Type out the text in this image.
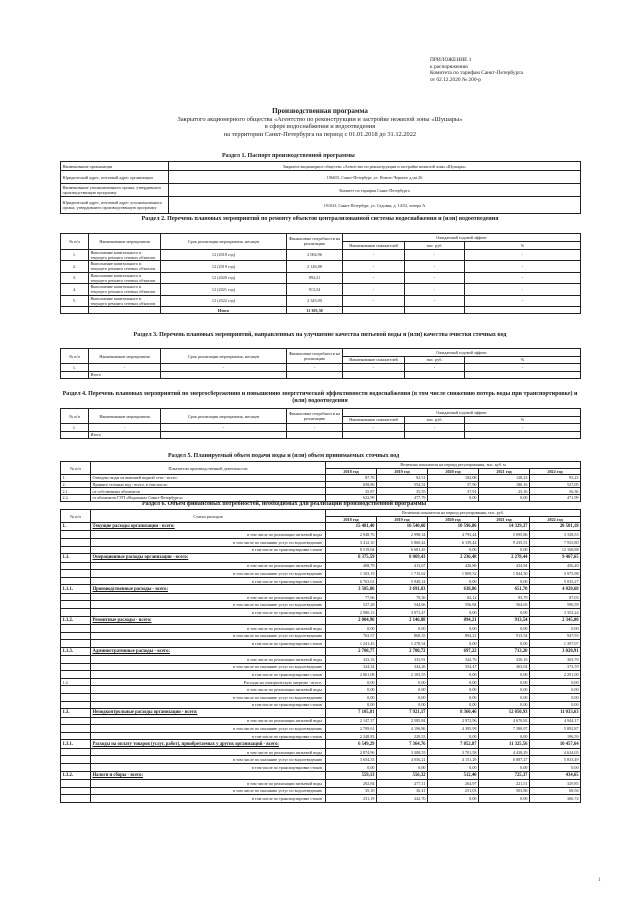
ПРИЛОЖЕНИЕ 1
к распоряжению
Комитета по тарифам Санкт-Петербурга
от 02.12.2020 № 200-р
Производственная программа
Закрытого акционерного общества «Агентство по реконструкции и застройке нежилой зоны «Шушары»
в сфере водоснабжения и водоотведения
на территории Санкт-Петербурга на период с 01.01.2018 до 31.12.2022
Раздел 1. Паспорт производственной программы
Наименование организации	Закрытое акционерное общество «Агентство по реконструкции и застройке нежилой зоны «Шушары»
Юридический адрес, почтовый адрес организации	196655, Санкт-Петербург, ул. Нового Черного д.ом 26
Наименование уполномоченного органа, утвердившего производственную программу	Комитет по тарифам Санкт-Петербурга
Юридический адрес, почтовый адрес уполномоченного органа, утвердившего производственную программу	191023, Санкт-Петербург, ул. Садовая, д. 14/52, литера А
Раздел 2. Перечень плановых мероприятий по ремонту объектов централизованной системы водоснабжения и (или) водоотведения
№ п/п	Наименование мероприятия	Срок реализации мероприятия, месяцев	Финансовые потребности на реализацию	Ожидаемый годовой эффект		
				Наименование показателей	тыс. руб.	%
1.	Выполнение капитального и текущего ремонта сетевых объектов	12 (2018 год)	2 004,96	-	-	-
2.	Выполнение капитального и текущего ремонта сетевых объектов	12 (2019 год)	2 146,88	-	-	-
3.	Выполнение капитального и текущего ремонта сетевых объектов	12 (2020 год)	894,21	-	-	-
4.	Выполнение капитального и текущего ремонта сетевых объектов	12 (2021 год)	913,54	-	-	-
5.	Выполнение капитального и текущего ремонта сетевых объектов	12 (2022 год)	2 345,00	-	-	-
		Итого	11 303,30			
Раздел 3. Перечень плановых мероприятий, направленных на улучшение качества питьевой воды и (или) качества очистки сточных вод
№ п/п	Наименование мероприятия	Срок реализации мероприятия, месяцев	Финансовые потребности на реализацию	Ожидаемый годовой эффект		
				Наименование показателей	тыс. руб.	%
1.	-	-	-	-	-	-
	Итого					
Раздел 4. Перечень плановых мероприятий по энергосбережению и повышению энергетической эффективности водоснабжения (в том числе снижению потерь воды при транспортировке) и (или) водоотведения
№ п/п	Наименование мероприятия	Срок реализации мероприятия, месяцев	Финансовые потребности на реализацию	Ожидаемый годовой эффект		
				Наименование показателей	тыс. руб.	%
1.	-	-	-	-	-	-
	Итого					
Раздел 5. Планируемый объем подачи воды и (или) объем принимаемых сточных вод
№ п/п	Показатели производственной деятельности	Величина показателя на период регулирования, тыс. куб. м				
		2018 год	2019 год	2020 год	2021 год	2022 год
1.	Отведено воды из внешней водной сети - всего:	87,76	92,51	102,08	128,23	95,23
2.	Принято сточных вод - всего, в том числе:	658,86	554,52	57,90	180,16	527,05
2.1.	от собственных абонентов	35,87	35,35	37,91	25,16	56,36
2.2.	от абонентов ГУП «Водоканал Санкт-Петербурга»	622,99	477,79	0,00	0,00	471,99
Раздел 6. Объем финансовых потребностей, необходимых для реализации производственной программы
№ п/п	Статьи расходов	Величина показателя на период регулирования, тыс. руб.				
		2018 год	2019 год	2020 год	2021 год	2022 год
1.	Текущие расходы организации - всего:	15 481,40	16 540,60	10 596,86	14 329,37	20 501,18
	в том числе по реализации питьевой воды	2 948,76	2 998,34	4 793,44	5 095,86	3 338,53
	в том числе по оказанию услуг по водоотведению	3 412,10	5 860,42	6 159,42	9 235,51	7 935,80
	в том числе по транспортировке стоков	8 519,04	6 681,45	0,00	0,00	12 168,88
1.1.	Операционные расходы организации - всего:	8 375,59	8 069,43	2 236,48	2 278,44	9 467,65
	в том числе по реализации питьевой воды	408,79	413,67	426,86	434,94	456,40
	в том числе по оказанию услуг по водоотведению	1 103,19	1 715,62	1 809,52	1 844,50	3 975,98
	в том числе по транспортировке стоков	6 763,61	5 940,14	0,00	0,00	5 035,27
1.1.1.	Производственные расходы - всего:	3 585,86	3 691,83	638,86	651,70	4 020,68
	в том числе по реализации питьевой воды	77,66	79,36	82,12	83,79	87,03
	в том числе по оказанию услуг по водоотведению	527,28	544,66	556,84	564,65	596,59
	в том числе по транспортировке стоков	2 980,13	3 071,47	0,00	0,00	3 352,24
1.1.2.	Ремонтные расходы - всего:	2 004,96	2 146,88	894,21	913,54	2 345,00
	в том числе по реализации питьевой воды	0,00	0,00	0,00	0,00	0,00
	в том числе по оказанию услуг по водоотведению	763,57	868,35	894,21	913,54	947,93
	в том числе по транспортировке стоков	1 241,43	1 278,54	0,00	0,00	1 397,07
1.1.3.	Административные расходы - всего:	2 708,77	2 780,72	697,22	713,20	3 020,91
	в том числе по реализации питьевой воды	323,33	333,91	342,76	350,16	363,70
	в том числе по оказанию услуг по водоотведению	324,34	344,26	354,47	363,04	373,70
	в том числе по транспортировке стоков	2 061,08	2 103,55	0,00	0,00	2 291,00
1.2.	Расходы на электрическую энергию - всего:	0,00	0,00	0,00	0,00	0,00
	в том числе по реализации питьевой воды	0,00	0,00	0,00	0,00	0,00
	в том числе по оказанию услуг по водоотведению	0,00	0,00	0,00	0,00	0,00
	в том числе по транспортировке стоков	0,00	0,00	0,00	0,00	0,00
1.3.	Неподконтрольные расходы организации - всего:	7 105,81	7 921,17	8 360,46	12 050,93	11 033,63
	в том числе по реализации питьевой воды	2 147,37	2 585,84	2 972,96	4 670,82	4 944,17
	в том числе по оказанию услуг по водоотведению	2 709,61	4 196,86	4 395,99	7 380,07	5 892,87
	в том числе по транспортировке стоков	2 248,83	229,53	0,00	0,00	196,59
1.3.1.	Расходы на оплату товаров (услуг, работ), приобретаемых у других организаций - всего:	6 549,29	7 364,76	7 852,87	11 325,56	10 457,64
	в том числе по реализации питьевой воды	2 874,96	3 308,55	3 701,58	4 438,29	4 624,05
	в том числе по оказанию услуг по водоотведению	3 654,33	4 056,21	4 151,29	6 887,27	5 833,49
	в том числе по транспортировке стоков	0,00	0,00	0,00	0,00	0,00
1.3.2.	Налоги и сборы - всего:	559,13	556,32	512,40	725,37	434,65
	в том числе по реализации питьевой воды	292,84	277,11	264,97	221,51	329,85
	в том числе по оказанию услуг по водоотведению	35,10	36,41	251,03	503,86	68,56
	в том числе по транспортировке стоков	231,19	242,70	0,00	0,00	366,74
1
